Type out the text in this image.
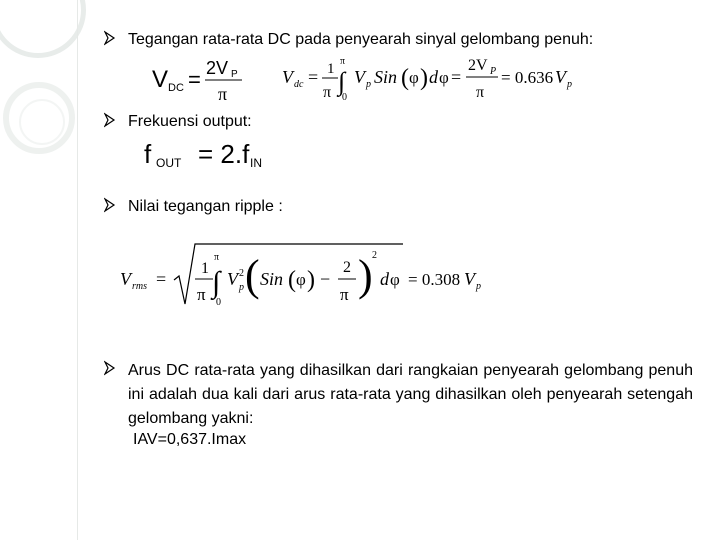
Tegangan rata-rata DC pada penyearah sinyal gelombang penuh:
V DC = 2V P
π
V dc = 1
π
π
∫
0
V p Sin ( φ ) d φ =
2V P
π
= 0.636 V p
Frekuensi output:
f OUT = 2.f IN
Nilai tegangan ripple :
V rms =
1
π
π
∫
0
V 2
p ( Sin ( φ ) −
2
π ) 2
d φ = 0.308 V p
Arus DC rata-rata yang dihasilkan dari rangkaian penyearah gelombang penuh ini adalah dua kali dari arus rata-rata yang dihasilkan oleh penyearah setengah gelombang yakni:
IAV=0,637.Imax
